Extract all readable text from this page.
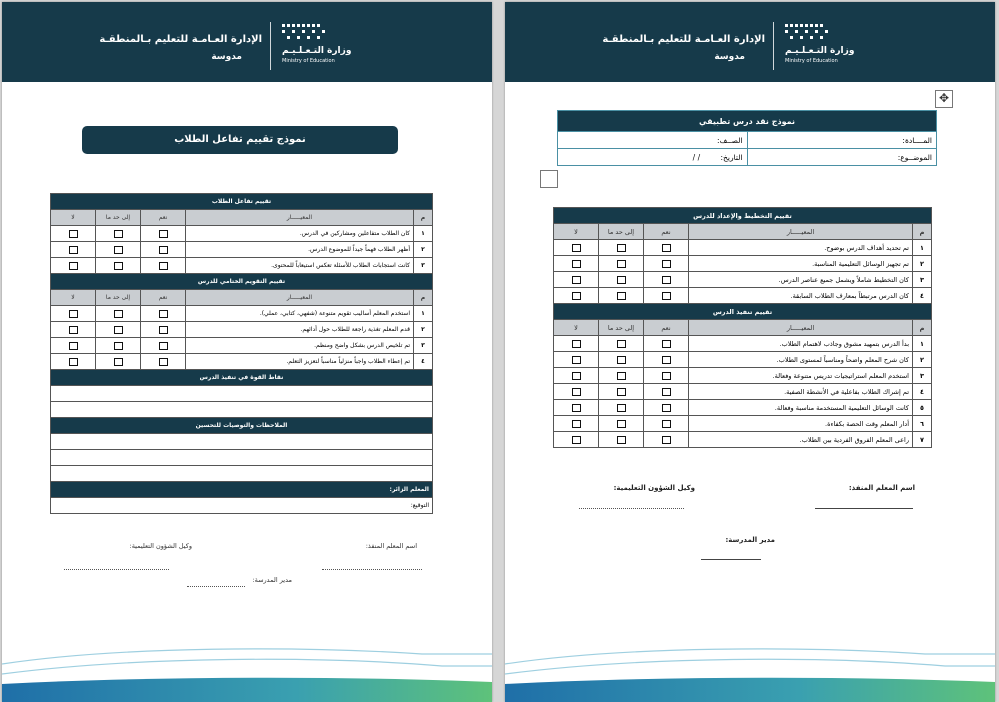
الإدارة العـامـة للتعليم بـالمنطقـة
مدوسة
وزارة التـعـلـيـم
Ministry of Education
نموذج تقييم تفاعل الطلاب
تقييم تفاعل الطلاب				
م	المعيـــــار	نعم	إلى حد ما	لا
١	كان الطلاب متفاعلين ومشاركين في الدرس.			
٢	أظهر الطلاب فهماً جيداً للموضوع الدرس.			
٣	كانت استجابات الطلاب للأسئلة تعكس استيعاباً للمحتوى.			
تقييم التقويم الختامي للدرس				
م	المعيـــــار	نعم	إلى حد ما	لا
١	استخدم المعلم أساليب تقويم متنوعة (شفهي، كتابي، عملي).			
٢	قدم المعلم تغذية راجعة للطلاب حول أدائهم.			
٣	تم تلخيص الدرس بشكل واضح ومنظم.			
٤	تم إعطاء الطلاب واجباً منزلياً مناسباً لتعزيز التعلم.			
نقاط القوة في تنفيذ الدرس				

الملاحظات والتوصيات للتحسين				

المعلم الزائر:				
التوقيع:				
اسم المعلم المنفذ:
وكيل الشؤون التعليمية:
مدير المدرسة:
الإدارة العـامـة للتعليم بـالمنطقـة
مدوسة
وزارة التـعـلـيـم
Ministry of Education
✥
نموذج نقد درس تطبيقي	
المــــادة:	الصــف:
الموضــوع:	التاريخ: / /
تقييم التخطيط والإعداد للدرس				
م	المعيـــــار	نعم	إلى حد ما	لا
١	تم تحديد أهداف الدرس بوضوح.			
٢	تم تجهيز الوسائل التعليمية المناسبة.			
٣	كان التخطيط شاملاً ويشمل جميع عناصر الدرس.			
٤	كان الدرس مرتبطاً بمعارف الطلاب السابقة.			
تقييم تنفيذ الدرس				
م	المعيـــــار	نعم	إلى حد ما	لا
١	بدأ الدرس بتمهيد مشوق وجاذب لاهتمام الطلاب.			
٢	كان شرح المعلم واضحاً ومناسباً لمستوى الطلاب.			
٣	استخدم المعلم استراتيجيات تدريس متنوعة وفعالة.			
٤	تم إشراك الطلاب بفاعلية في الأنشطة الصفية.			
٥	كانت الوسائل التعليمية المستخدمة مناسبة وفعالة.			
٦	أدار المعلم وقت الحصة بكفاءة.			
٧	راعى المعلم الفروق الفردية بين الطلاب.			
اسم المعلم المنفذ:
وكيل الشؤون التعليمية:
مدير المدرسة:
